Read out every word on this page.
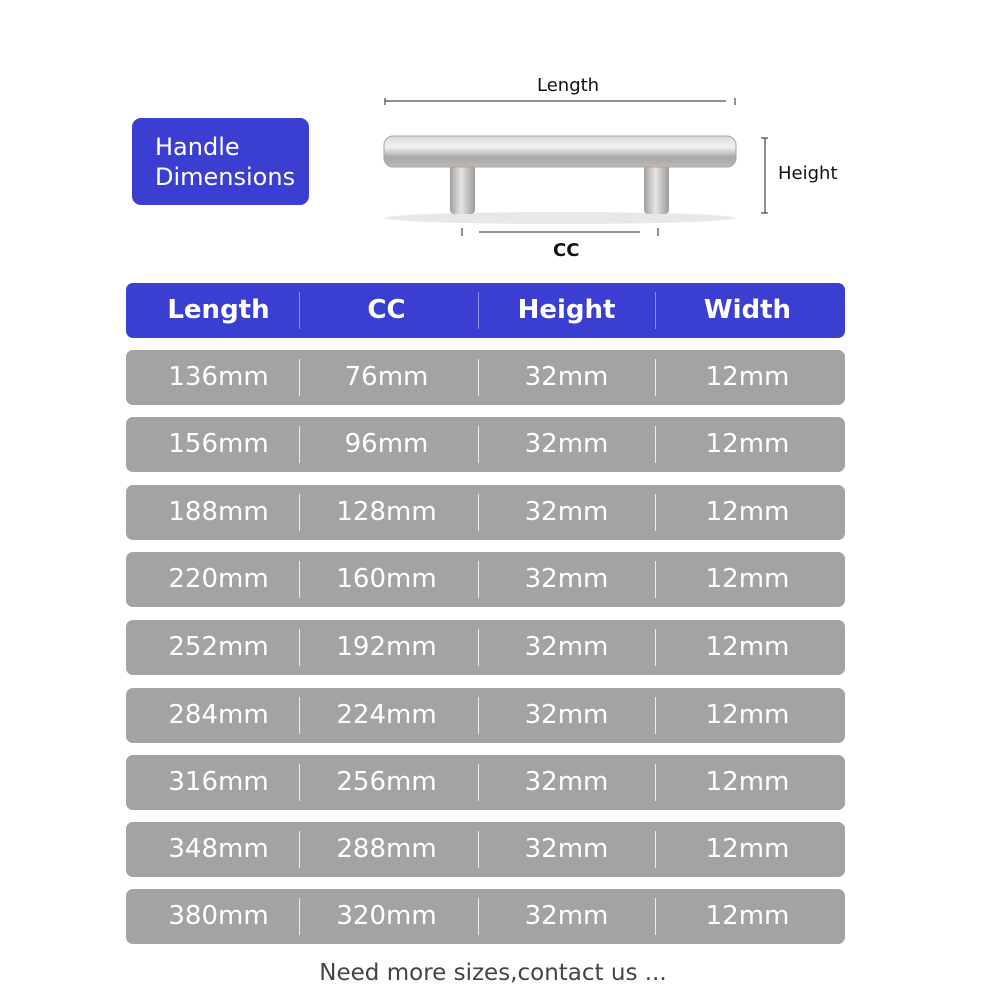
Handle
Dimensions
Length
Height
CC
Length	CC	Height	Width
136mm	76mm	32mm	12mm
156mm	96mm	32mm	12mm
188mm	128mm	32mm	12mm
220mm	160mm	32mm	12mm
252mm	192mm	32mm	12mm
284mm	224mm	32mm	12mm
316mm	256mm	32mm	12mm
348mm	288mm	32mm	12mm
380mm	320mm	32mm	12mm
Need more sizes,contact us ...
